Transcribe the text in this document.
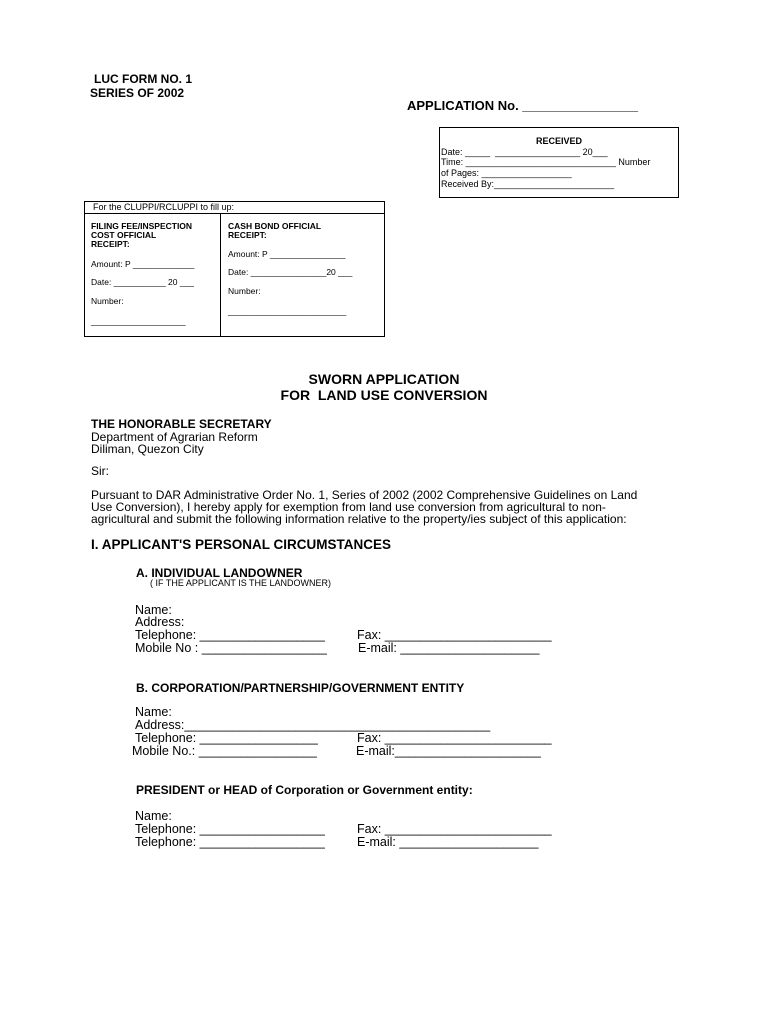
LUC FORM NO. 1
SERIES OF 2002
APPLICATION No. ________________
RECEIVED
Date: _____  _________________ 20___
Time: ______________________________ Number
of Pages: __________________
Received By:________________________
For the CLUPPI/RCLUPPI to fill up:
FILING FEE/INSPECTION
COST OFFICIAL
RECEIPT:
Amount: P _____________
Date: ___________ 20 ___
Number:
____________________
CASH BOND OFFICIAL
RECEIPT:
Amount: P ________________
Date: ________________20 ___
Number:
_________________________
SWORN APPLICATION
FOR  LAND USE CONVERSION
THE HONORABLE SECRETARY
Department of Agrarian Reform
Diliman, Quezon City
Sir:
Pursuant to DAR Administrative Order No. 1, Series of 2002 (2002 Comprehensive Guidelines on Land
Use Conversion), I hereby apply for exemption from land use conversion from agricultural to non-
agricultural and submit the following information relative to the property/ies subject of this application:
I. APPLICANT'S PERSONAL CIRCUMSTANCES
A. INDIVIDUAL LANDOWNER
( IF THE APPLICANT IS THE LANDOWNER)
Name:
Address:
Telephone: __________________	Fax: ________________________
Mobile No : __________________ E-mail: ____________________
B. CORPORATION/PARTNERSHIP/GOVERNMENT ENTITY
Name:
Address:____________________________________________
Telephone: _________________	Fax: ________________________
Mobile No.: _________________	E-mail:_____________________
PRESIDENT or HEAD of Corporation or Government entity:
Name:
Telephone: __________________	Fax: ________________________
Telephone: __________________	E-mail: ____________________
